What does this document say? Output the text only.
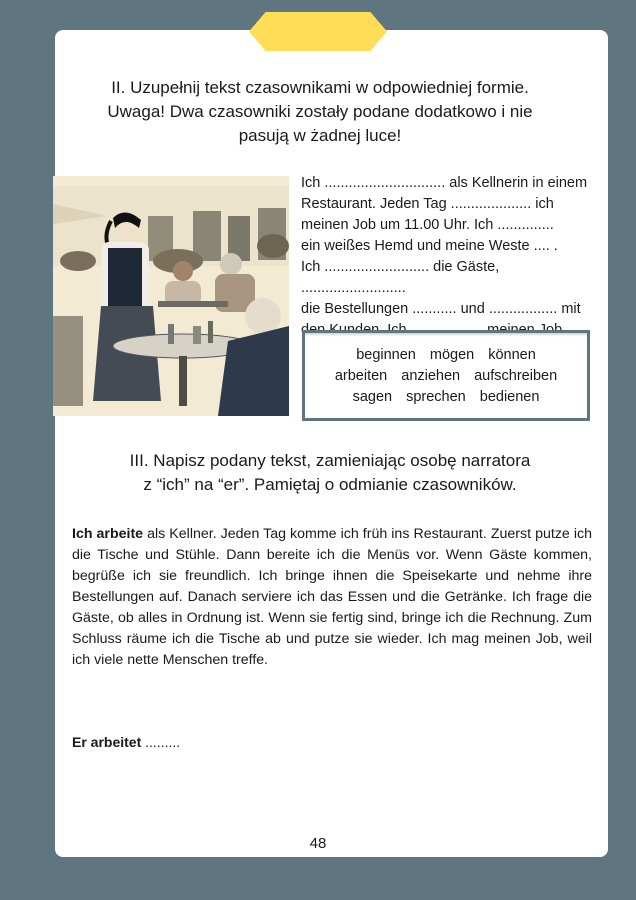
II. Uzupełnij tekst czasownikami w odpowiedniej formie.
Uwaga! Dwa czasowniki zostały podane dodatkowo i nie
pasują w żadnej luce!
Ich .............................. als Kellnerin in einem
Restaurant. Jeden Tag .................... ich
meinen Job um 11.00 Uhr. Ich ..............
ein weißes Hemd und meine Weste .... .
Ich .......................... die Gäste, ..........................
die Bestellungen ........... und ................. mit
beginnen mögen können
arbeiten anziehen aufschreiben
sagen sprechen bedienen
III. Napisz podany tekst, zamieniając osobę narratora
z “ich” na “er”. Pamiętaj o odmianie czasowników.
Ich arbeite als Kellner. Jeden Tag komme ich früh ins Restaurant. Zuerst putze ich die Tische und Stühle. Dann bereite ich die Menüs vor. Wenn Gäste kommen, begrüße ich sie freundlich. Ich bringe ihnen die Speisekarte und nehme ihre Bestellungen auf. Danach serviere ich das Essen und die Getränke. Ich frage die Gäste, ob alles in Ordnung ist. Wenn sie fertig sind, bringe ich die Rechnung. Zum Schluss räume ich die Tische ab und putze sie wieder. Ich mag meinen Job, weil ich viele nette Menschen treffe.
Er arbeitet .........
48
